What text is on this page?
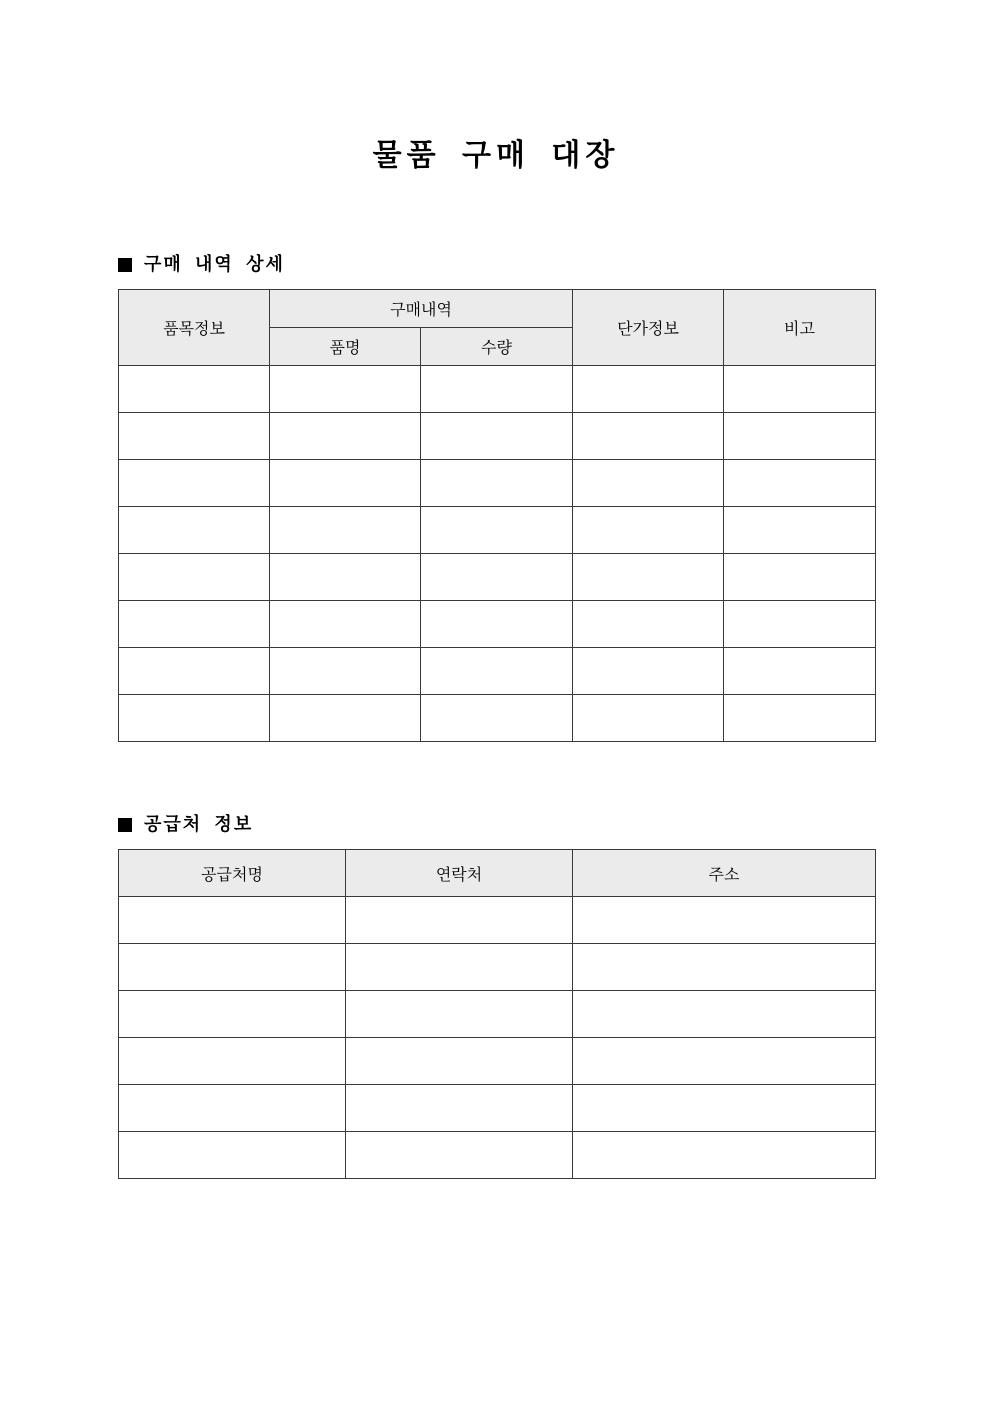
물품 구매 대장
구매 내역 상세
품목정보	구매내역		단가정보	비고
	품명	수량		

공급처 정보
공급처명	연락처	주소
